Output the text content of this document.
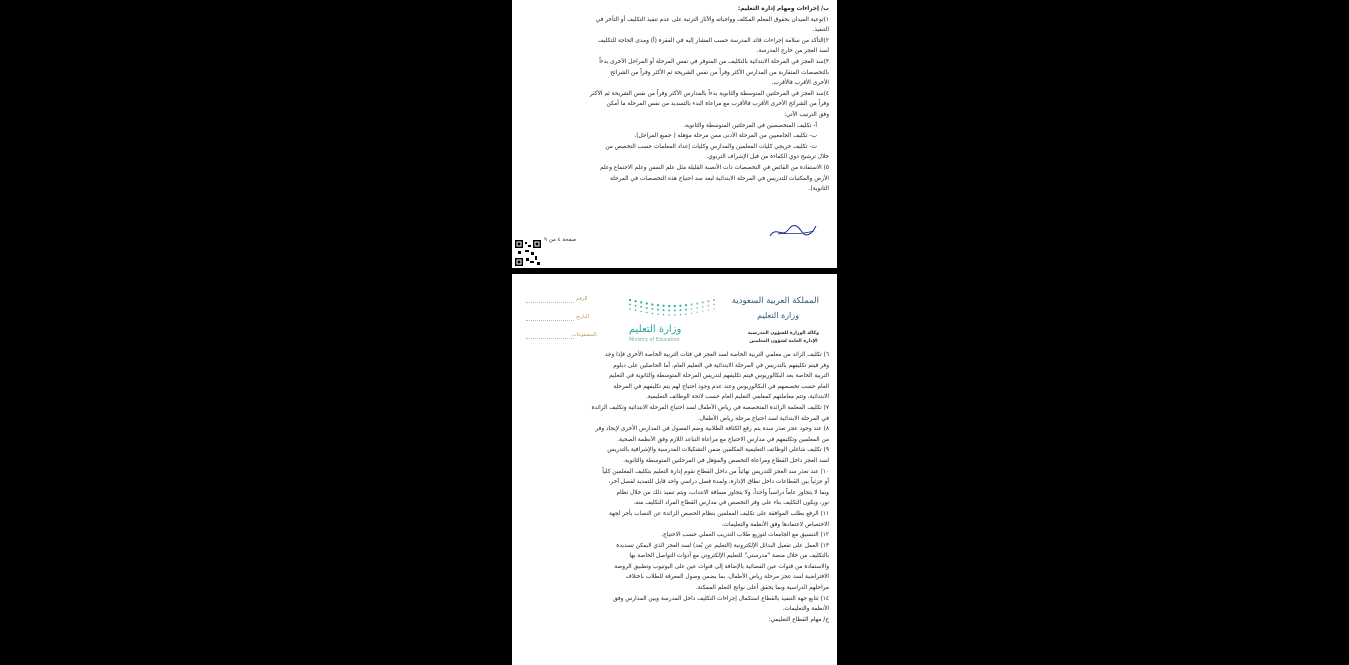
ب/ إجراءات ومهام إدارة التعليم:
١)توعية الميدان بحقوق المعلم المكلف وواجباته والآثار الترتبة على عدم تنفيذ التكليف أو التأخر في
التنفيذ.
٢)التأكد من سلامة إجراءات قائد المدرسة حسب المشار إليه في الفقرة (أ) ومدى الحاجة للتكليف
لسد العجز من خارج المدرسة.
٣)سد العجز في المرحلة الابتدائية بالتكليف من المتوفر في نفس المرحلة أو المراحل الأخرى بدءاً
بالتخصصات المتقاربة من المدارس الأكثر وفراً من نفس الشريحة ثم الأكثر وفراً من الشرائح
الأخرى الأقرب فالأقرب.
٤)سد العجز في المرحلتين المتوسطة والثانوية بدءاً بالمدارس الأكثر وفراً من نفس الشريحة ثم الأكثر
وفراً من الشرائح الأخرى الأقرب فالأقرب مع مراعاة البدء بالتسديد من نفس المرحلة ما أمكن
وفق الترتيب الآتي:
أ- تكليف المتخصصين في المرحلتين المتوسطة والثانوية.
ب- تكليف الجامعيين من المرحلة الأدنى ممن مرحلة مؤهله ( جميع المراحل).
ت- تكليف خريجي كليات المعلمين والمدارس وكليات إعداد المعلمات حسب التخصص من
خلال ترشيح ذوي الكفاءة من قبل الإشراف التربوي.
٥) الاستفادة من الفائض في التخصصات ذات الأنصبة القليلة مثل علم النفس وعلم الاجتماع وعلم
الأرض والمكتبات للتدريس في المرحلة الابتدائية لبعد سد احتياج هذه التخصصات في المرحلة
الثانوية).
صفحة ٤ من ٩
المملكة العربية السعودية
وزارة التعليم
وكالة الوزارة للشؤون المدرسية
الإدارة العامة لشؤون المعلمين
وزارة التعليم
Ministry of Education
الرقم
التاريخ
المشفوعات
٦) تكليف الزائد من معلمي التربية الخاصة لسد العجز في فئات التربية الخاصة الأخرى فإذا وجد
وفر فيتم تكليفهم بالتدريس في المرحلة الابتدائية في التعليم العام، أما الحاصلين على دبلوم
التربية الخاصة بعد البكالوريوس فيتم تكليفهم لتدريس المرحلة المتوسطة والثانوية في التعليم
العام حسب تخصصهم في البكالوريوس وعند عدم وجود احتياج لهم يتم تكليفهم في المرحلة
الابتدائية، وتتم معاملتهم كمعلمي التعليم العام حسب لائحة الوظائف التعليمية.
٧) تكليف المعلمة الزائدة المتخصصة في رياض الأطفال لسد احتياج المرحلة الابتدائية وتكليف الزائدة
في المرحلة الابتدائية لسد احتياج مرحلة رياض الأطفال.
٨) عند وجود عجز تعذر سده يتم رفع الكثافة الطلابية وضم الفصول في المدارس الأخرى لإيجاد وفر
من المعلمين وتكليفهم في مدارس الاحتياج مع مراعاة التباعد اللازم وفق الأنظمة الصحية.
٩) تكليف شاغلي الوظائف التعليمية المكلفين ضمن التشكيلات المدرسية والإشرافية بالتدريس
لسد العجز داخل القطاع ومراعاة التخصص والمؤهل في المرحلتين المتوسطة والثانوية.
١٠) عند تعذر سد العجز للتدريس نهائياً من داخل القطاع تقوم إدارة التعليم بتكليف المعلمين كلياً
أو جزئياً بين القطاعات داخل نطاق الإدارة، ولمدة فصل دراسي واحد قابل للتمديد لفصل آخر،
وبما لا يتجاوز عاماً دراسياً واحداً، ولا يتجاوز مسافة الانتداب، ويتم تنفيذ ذلك من خلال نظام
نور، ويكون التكليف بناء على وفر التخصص في مدارس القطاع المراد التكليف منه.
١١) الرفع بطلب الموافقة على تكليف المعلمين بنظام الحصص الزائدة عن النصاب بأجر لجهة
الاختصاص لاعتمادها وفق الأنظمة والتعليمات.
١٢) التنسيق مع الجامعات لتوزيع طلاب التدريب العملي حسب الاحتياج.
١٣) العمل على تفعيل البدائل الإلكترونية (التعليم عن بُعد) لسد العجز الذي لايمكن تسديدة
بالتكليف من خلال منصة "مدرستي" للتعليم الإلكتروني مع أدوات التواصل الخاصة بها
والاستفادة من قنوات عين الفضائية بالإضافة إلى قنوات عين على اليوتيوب وتطبيق الروضة
الافتراضية لسد عجز مرحلة رياض الأطفال، بما يضمن وصول المعرفة للطلاب باختلاف
مراحلهم الدراسية وبما يحقق أعلى نواتج التعلم الممكنة.
١٤) تتابع جهة التنفيذ بالقطاع استكمال إجراءات التكليف داخل المدرسة وبين المدارس وفق
الأنظمة والتعليمات.
ج/ مهام القطاع التعليمي:
